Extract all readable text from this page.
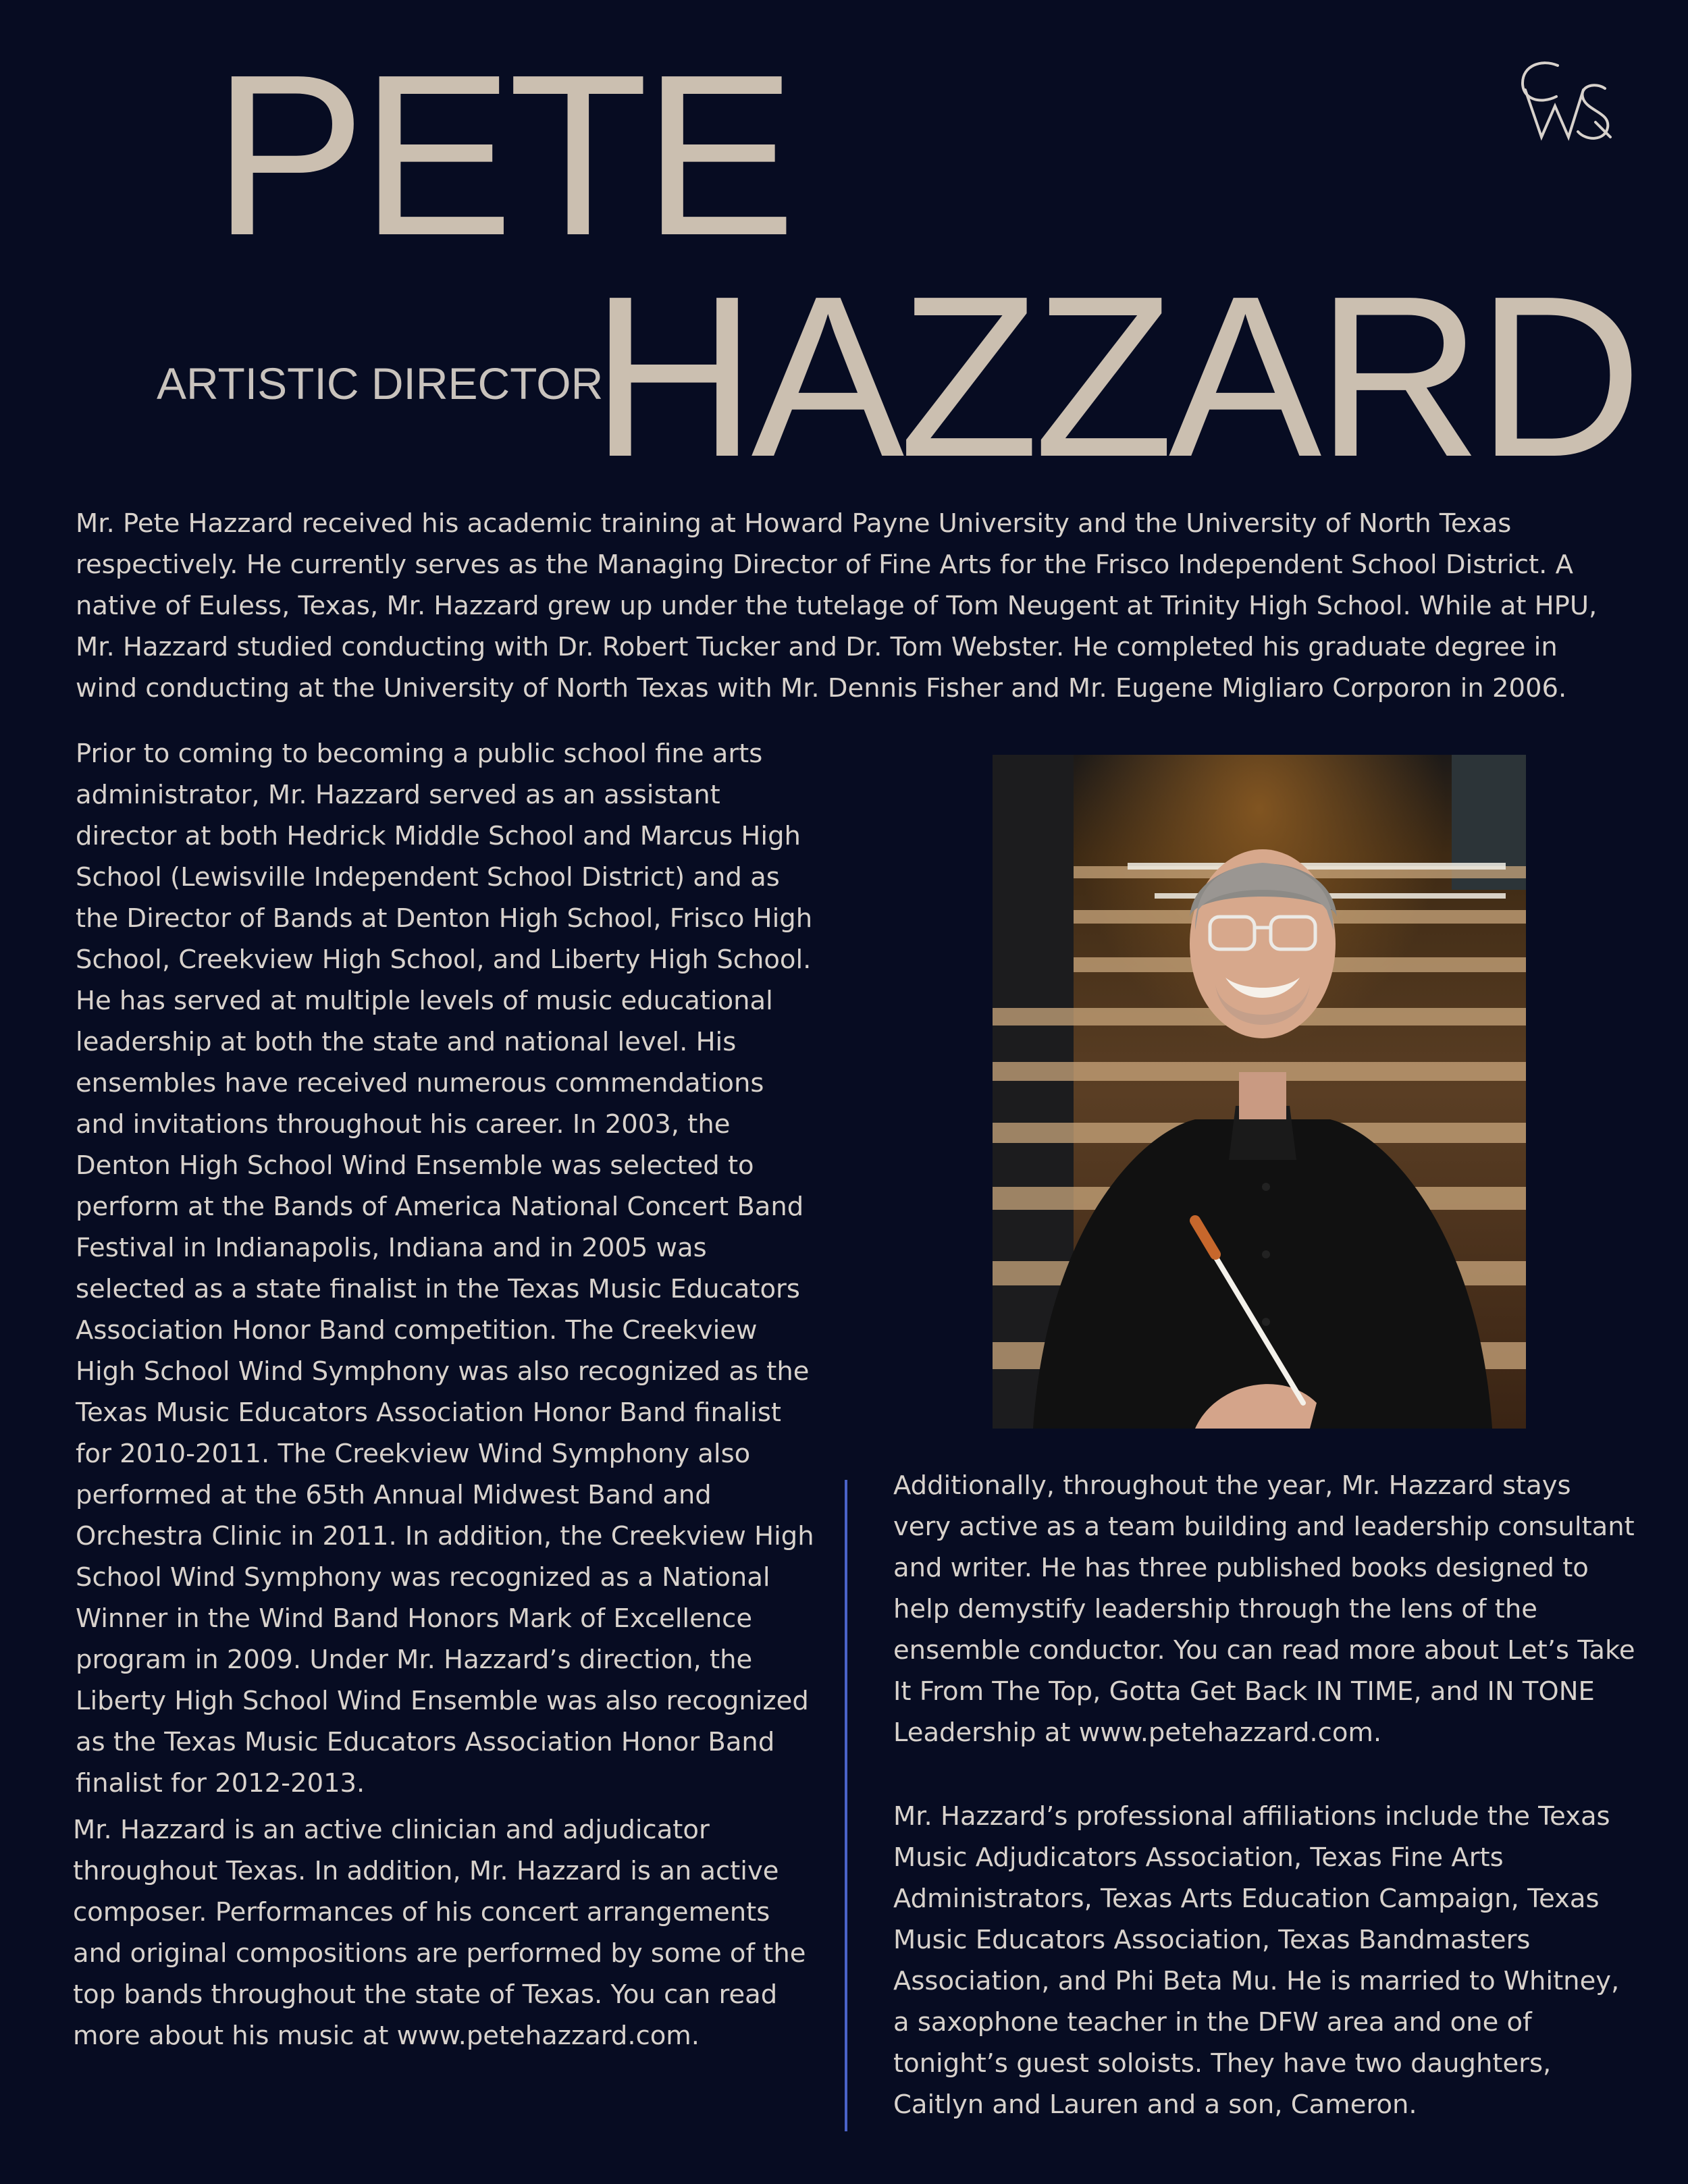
PETE
ARTISTIC DIRECTOR
HAZZARD

Mr. Pete Hazzard received his academic training at Howard Payne University and the University of North Texas respectively. He currently serves as the Managing Director of Fine Arts for the Frisco Independent School District. A native of Euless, Texas, Mr. Hazzard grew up under the tutelage of Tom Neugent at Trinity High School. While at HPU, Mr. Hazzard studied conducting with Dr. Robert Tucker and Dr. Tom Webster. He completed his graduate degree in wind conducting at the University of North Texas with Mr. Dennis Fisher and Mr. Eugene Migliaro Corporon in 2006.

Prior to coming to becoming a public school fine arts administrator, Mr. Hazzard served as an assistant director at both Hedrick Middle School and Marcus High School (Lewisville Independent School District) and as the Director of Bands at Denton High School, Frisco High School, Creekview High School, and Liberty High School. He has served at multiple levels of music educational leadership at both the state and national level. His ensembles have received numerous commendations and invitations throughout his career. In 2003, the Denton High School Wind Ensemble was selected to perform at the Bands of America National Concert Band Festival in Indianapolis, Indiana and in 2005 was selected as a state finalist in the Texas Music Educators Association Honor Band competition. The Creekview High School Wind Symphony was also recognized as the Texas Music Educators Association Honor Band finalist for 2010-2011. The Creekview Wind Symphony also performed at the 65th Annual Midwest Band and Orchestra Clinic in 2011. In addition, the Creekview High School Wind Symphony was recognized as a National Winner in the Wind Band Honors Mark of Excellence program in 2009. Under Mr. Hazzard’s direction, the Liberty High School Wind Ensemble was also recognized as the Texas Music Educators Association Honor Band finalist for 2012-2013.

Mr. Hazzard is an active clinician and adjudicator throughout Texas. In addition, Mr. Hazzard is an active composer. Performances of his concert arrangements and original compositions are performed by some of the top bands throughout the state of Texas. You can read more about his music at www.petehazzard.com.

Additionally, throughout the year, Mr. Hazzard stays very active as a team building and leadership consultant and writer. He has three published books designed to help demystify leadership through the lens of the ensemble conductor. You can read more about Let’s Take It From The Top, Gotta Get Back IN TIME, and IN TONE Leadership at www.petehazzard.com.

Mr. Hazzard’s professional affiliations include the Texas Music Adjudicators Association, Texas Fine Arts Administrators, Texas Arts Education Campaign, Texas Music Educators Association, Texas Bandmasters Association, and Phi Beta Mu. He is married to Whitney, a saxophone teacher in the DFW area and one of tonight’s guest soloists. They have two daughters, Caitlyn and Lauren and a son, Cameron.
